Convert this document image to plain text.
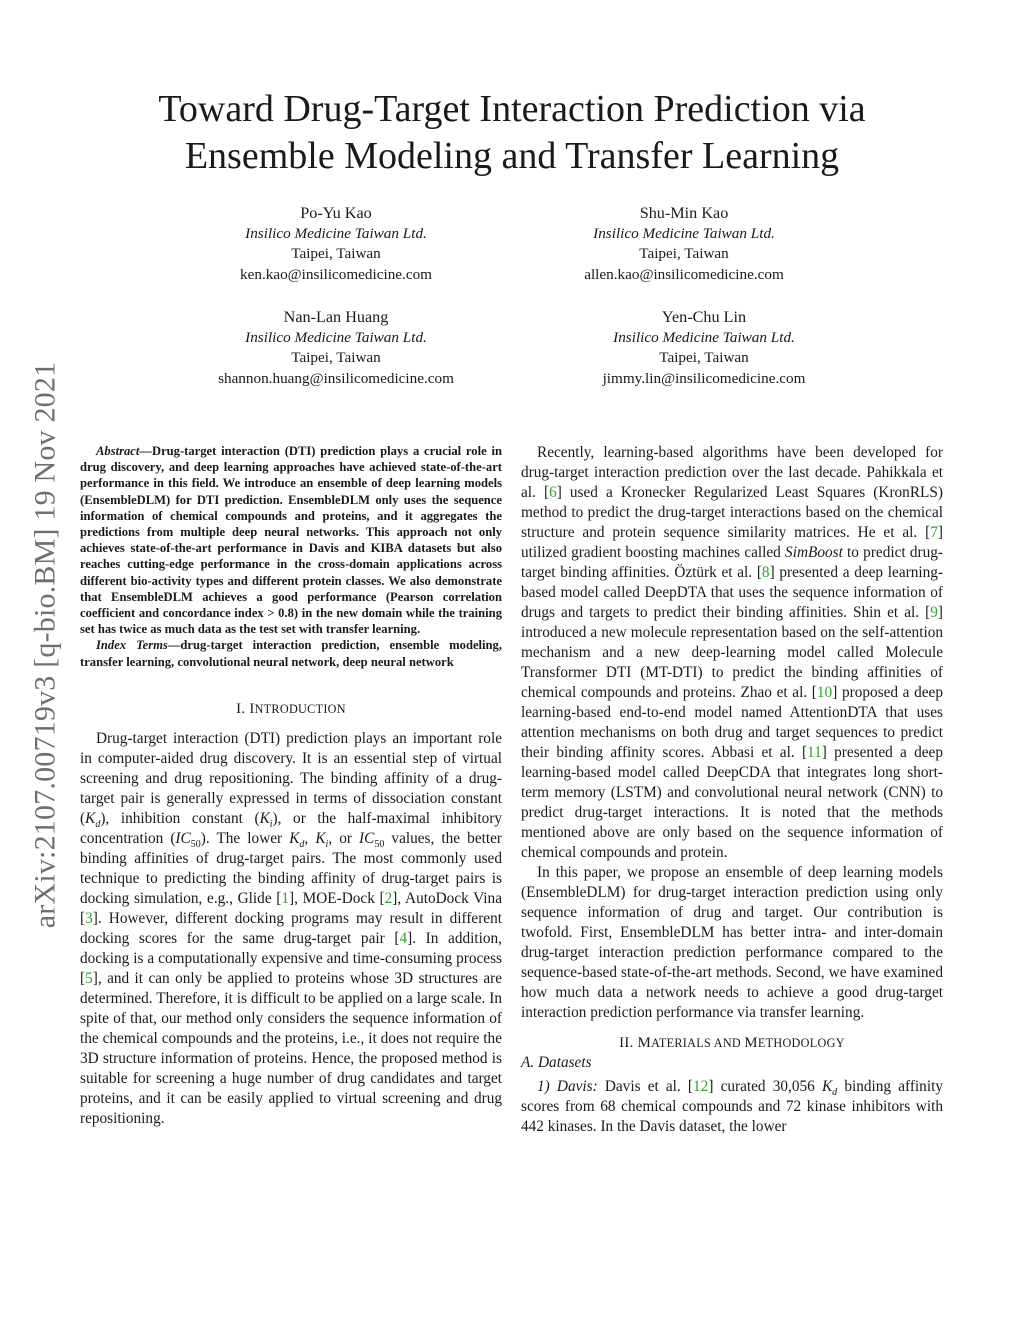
arXiv:2107.00719v3 [q-bio.BM] 19 Nov 2021
Toward Drug-Target Interaction Prediction via
Ensemble Modeling and Transfer Learning
Po-Yu Kao
Insilico Medicine Taiwan Ltd.
Taipei, Taiwan
ken.kao@insilicomedicine.com
Shu-Min Kao
Insilico Medicine Taiwan Ltd.
Taipei, Taiwan
allen.kao@insilicomedicine.com
Nan-Lan Huang
Insilico Medicine Taiwan Ltd.
Taipei, Taiwan
shannon.huang@insilicomedicine.com
Yen-Chu Lin
Insilico Medicine Taiwan Ltd.
Taipei, Taiwan
jimmy.lin@insilicomedicine.com

Abstract—Drug-target interaction (DTI) prediction plays a crucial role in drug discovery, and deep learning approaches have achieved state-of-the-art performance in this field. We introduce an ensemble of deep learning models (EnsembleDLM) for DTI prediction. EnsembleDLM only uses the sequence information of chemical compounds and proteins, and it aggregates the predictions from multiple deep neural networks. This approach not only achieves state-of-the-art performance in Davis and KIBA datasets but also reaches cutting-edge performance in the cross-domain applications across different bio-activity types and different protein classes. We also demonstrate that EnsembleDLM achieves a good performance (Pearson correlation coefficient and concordance index > 0.8) in the new domain while the training set has twice as much data as the test set with transfer learning.

Index Terms—drug-target interaction prediction, ensemble modeling, transfer learning, convolutional neural network, deep neural network

I. INTRODUCTION

Drug-target interaction (DTI) prediction plays an important role in computer-aided drug discovery. It is an essential step of virtual screening and drug repositioning. The binding affinity of a drug-target pair is generally expressed in terms of dissociation constant $(K_d)$, inhibition constant $(K_i)$, or the half-maximal inhibitory concentration $(IC_{50})$. The lower $K_d$, $K_i$, or $IC_{50}$ values, the better binding affinities of drug-target pairs. The most commonly used technique to predicting the binding affinity of drug-target pairs is docking simulation, e.g., Glide [1], MOE-Dock [2], AutoDock Vina [3]. However, different docking programs may result in different docking scores for the same drug-target pair [4]. In addition, docking is a computationally expensive and time-consuming process [5], and it can only be applied to proteins whose 3D structures are determined. Therefore, it is difficult to be applied on a large scale. In spite of that, our method only considers the sequence information of the chemical compounds and the proteins, i.e., it does not require the 3D structure information of proteins. Hence, the proposed method is suitable for screening a huge number of drug candidates and target proteins, and it can be easily applied to virtual screening and drug repositioning.

Recently, learning-based algorithms have been developed for drug-target interaction prediction over the last decade. Pahikkala et al. [6] used a Kronecker Regularized Least Squares (KronRLS) method to predict the drug-target interactions based on the chemical structure and protein sequence similarity matrices. He et al. [7] utilized gradient boosting machines called SimBoost to predict drug-target binding affinities. Öztürk et al. [8] presented a deep learning-based model called DeepDTA that uses the sequence information of drugs and targets to predict their binding affinities. Shin et al. [9] introduced a new molecule representation based on the self-attention mechanism and a new deep-learning model called Molecule Transformer DTI (MT-DTI) to predict the binding affinities of chemical compounds and proteins. Zhao et al. [10] proposed a deep learning-based end-to-end model named AttentionDTA that uses attention mechanisms on both drug and target sequences to predict their binding affinity scores. Abbasi et al. [11] presented a deep learning-based model called DeepCDA that integrates long short-term memory (LSTM) and convolutional neural network (CNN) to predict drug-target interactions. It is noted that the methods mentioned above are only based on the sequence information of chemical compounds and protein.

In this paper, we propose an ensemble of deep learning models (EnsembleDLM) for drug-target interaction prediction using only sequence information of drug and target. Our contribution is twofold. First, EnsembleDLM has better intra- and inter-domain drug-target interaction prediction performance compared to the sequence-based state-of-the-art methods. Second, we have examined how much data a network needs to achieve a good drug-target interaction prediction performance via transfer learning.

II. MATERIALS AND METHODOLOGY

A. Datasets

1) Davis: Davis et al. [12] curated 30,056 $K_d$ binding affinity scores from 68 chemical compounds and 72 kinase inhibitors with 442 kinases. In the Davis dataset, the lower
